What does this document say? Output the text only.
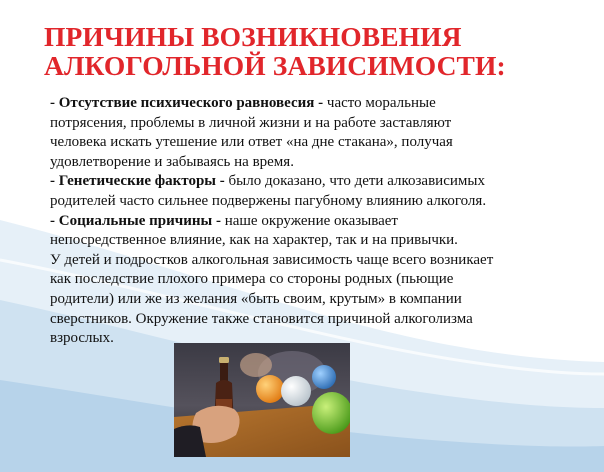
ПРИЧИНЫ ВОЗНИКНОВЕНИЯ
АЛКОГОЛЬНОЙ ЗАВИСИМОСТИ:
- Отсутствие психического равновесия - часто моральные
потрясения, проблемы в личной жизни и на работе заставляют
человека искать утешение или ответ «на дне стакана», получая
удовлетворение и забываясь на время.
- Генетические факторы - было доказано, что дети алкозависимых
родителей часто сильнее подвержены пагубному влиянию алкоголя.
- Социальные причины - наше окружение оказывает
непосредственное влияние, как на характер, так и на привычки.
У детей и подростков алкогольная зависимость чаще всего возникает
как последствие плохого примера со стороны родных (пьющие
родители) или же из желания «быть своим, крутым» в компании
сверстников. Окружение также становится причиной алкоголизма
взрослых.
